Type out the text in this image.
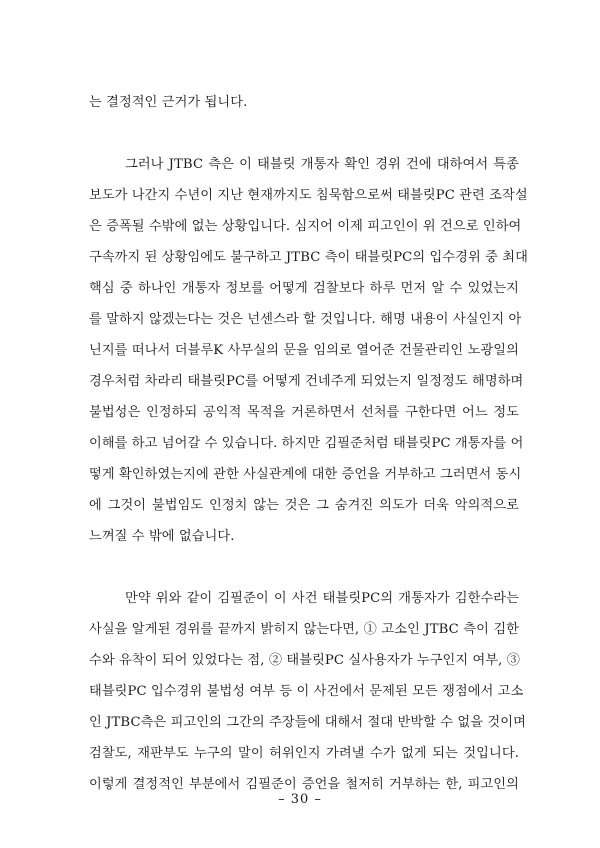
는 결정적인 근거가 됩니다.
그러나 JTBC 측은 이 태블릿 개통자 확인 경위 건에 대하여서 특종
보도가 나간지 수년이 지난 현재까지도 침묵함으로써 태블릿PC 관련 조작설
은 증폭될 수밖에 없는 상황입니다. 심지어 이제 피고인이 위 건으로 인하여
구속까지 된 상황임에도 불구하고 JTBC 측이 태블릿PC의 입수경위 중 최대
핵심 중 하나인 개통자 정보를 어떻게 검찰보다 하루 먼저 알 수 있었는지
를 말하지 않겠는다는 것은 넌센스라 할 것입니다. 해명 내용이 사실인지 아
닌지를 떠나서 더블루K 사무실의 문을 임의로 열어준 건물관리인 노광일의
경우처럼 차라리 태블릿PC를 어떻게 건네주게 되었는지 일정정도 해명하며
불법성은 인정하되 공익적 목적을 거론하면서 선처를 구한다면 어느 정도
이해를 하고 넘어갈 수 있습니다. 하지만 김필준처럼 태블릿PC 개통자를 어
떻게 확인하였는지에 관한 사실관계에 대한 증언을 거부하고 그러면서 동시
에 그것이 불법임도 인정치 않는 것은 그 숨겨진 의도가 더욱 악의적으로
느껴질 수 밖에 없습니다.
만약 위와 같이 김필준이 이 사건 태블릿PC의 개통자가 김한수라는
사실을 알게된 경위를 끝까지 밝히지 않는다면, ① 고소인 JTBC 측이 김한
수와 유착이 되어 있었다는 점, ② 태블릿PC 실사용자가 누구인지 여부, ③
태블릿PC 입수경위 불법성 여부 등 이 사건에서 문제된 모든 쟁점에서 고소
인 JTBC측은 피고인의 그간의 주장들에 대해서 절대 반박할 수 없을 것이며
검찰도, 재판부도 누구의 말이 허위인지 가려낼 수가 없게 되는 것입니다.
이렇게 결정적인 부분에서 김필준이 증언을 철저히 거부하는 한, 피고인의
– 30 –
